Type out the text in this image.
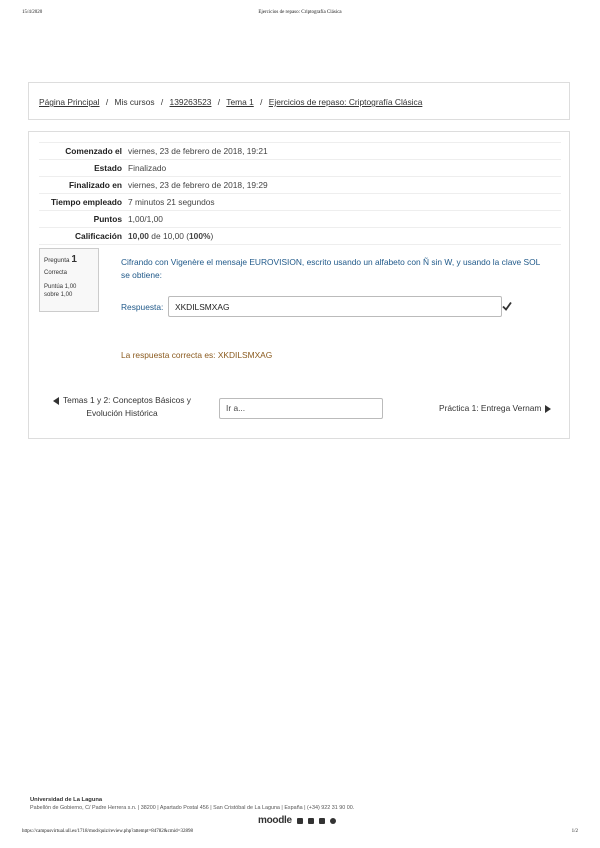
15/4/2020	Ejercicios de repaso: Criptografía Clásica
Página Principal / Mis cursos / 139263523 / Tema 1 / Ejercicios de repaso: Criptografía Clásica
Comenzado el	viernes, 23 de febrero de 2018, 19:21
Estado	Finalizado
Finalizado en	viernes, 23 de febrero de 2018, 19:29
Tiempo empleado	7 minutos 21 segundos
Puntos	1,00/1,00
Calificación	10,00 de 10,00 (100%)
Pregunta 1
Correcta
Puntúa 1,00
sobre 1,00
Cifrando con Vigenère el mensaje EUROVISION, escrito usando un alfabeto con Ñ sin W, y usando la clave SOL se obtiene:
Respuesta:
XKDILSMXAG
La respuesta correcta es: XKDILSMXAG
Temas 1 y 2: Conceptos Básicos y Evolución Histórica
Ir a...	Práctica 1: Entrega Vernam
Universidad de La Laguna
Pabellón de Gobierno, C/ Padre Herrera s.n. | 38200 | Apartado Postal 456 | San Cristóbal de La Laguna | España | (+34) 922 31 90 00.
moodle
https://campusvirtual.ull.es/1718/mod/quiz/review.php?attempt=84782&cmid=32898	1/2
